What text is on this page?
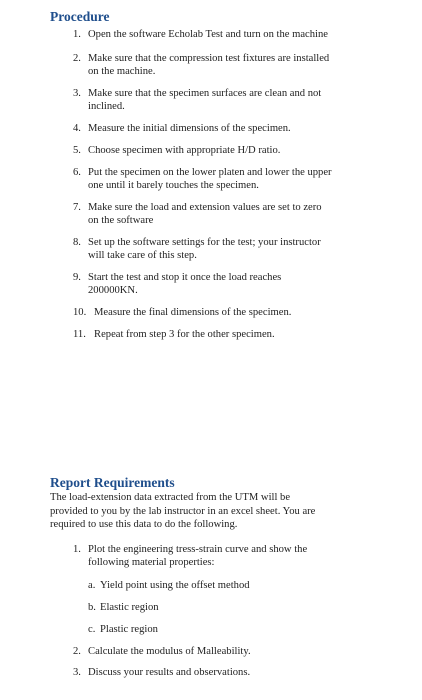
Procedure
1. Open the software Echolab Test and turn on the machine
2. Make sure that the compression test fixtures are installed
on the machine.
3. Make sure that the specimen surfaces are clean and not
inclined.
4. Measure the initial dimensions of the specimen.
5. Choose specimen with appropriate H/D ratio.
6. Put the specimen on the lower platen and lower the upper
one until it barely touches the specimen.
7. Make sure the load and extension values are set to zero
on the software
8. Set up the software settings for the test; your instructor
will take care of this step.
9. Start the test and stop it once the load reaches
200000KN.
10. Measure the final dimensions of the specimen.
11. Repeat from step 3 for the other specimen.
Report Requirements
The load-extension data extracted from the UTM will be
provided to you by the lab instructor in an excel sheet. You are
required to use this data to do the following.
1. Plot the engineering tress-strain curve and show the
following material properties:
a. Yield point using the offset method
b. Elastic region
c. Plastic region
2. Calculate the modulus of Malleability.
3. Discuss your results and observations.
